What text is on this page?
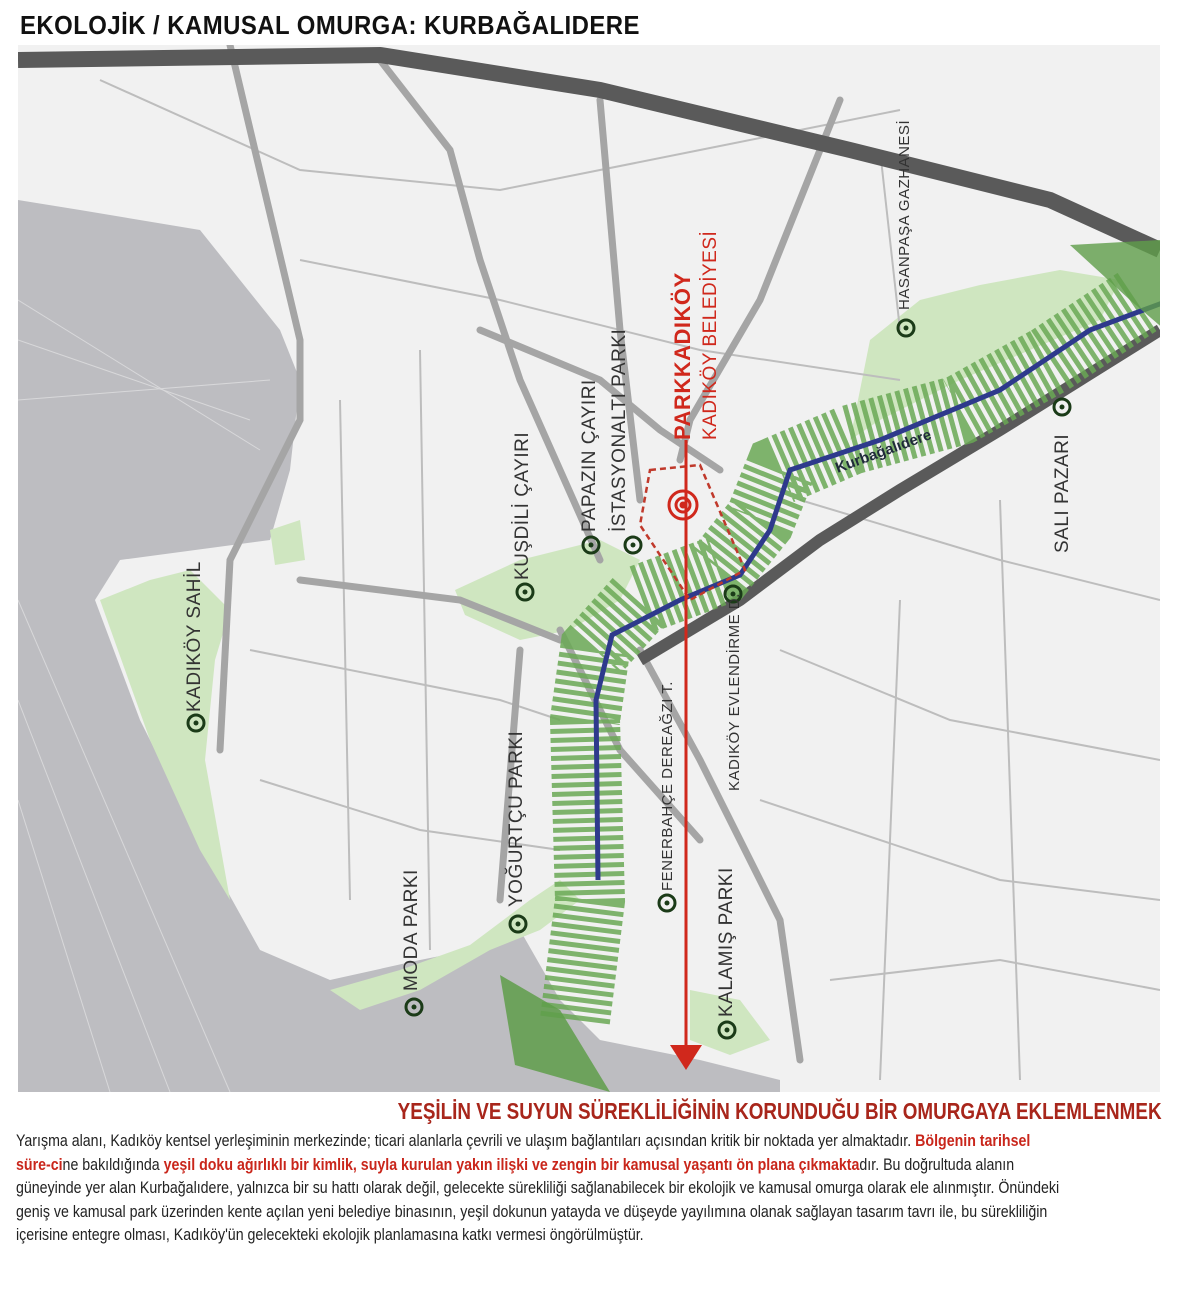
EKOLOJİK / KAMUSAL OMURGA: KURBAĞALIDERE
HASANPAŞA GAZHANESİ
SALI PAZARI
İSTASYONALTI PARKI
PAPAZIN ÇAYIRI
KUŞDİLİ ÇAYIRI
KADIKÖY SAHİL
YOĞURTÇU PARKI
MODA PARKI
FENERBAHÇE DEREAĞZI T.
KALAMIŞ PARKI
KADIKÖY EVLENDİRME D.
PARKKADIKÖY KADIKÖY BELEDİYESİ
Kurbağalıdere
YEŞİLİN VE SUYUN SÜREKLİLİĞİNİN KORUNDUĞU BİR OMURGAYA EKLEMLENMEK
Yarışma alanı, Kadıköy kentsel yerleşiminin merkezinde; ticari alanlarla çevrili ve ulaşım bağlantıları açısından kritik bir noktada yer almaktadır. Bölgenin tarihsel süre-cine bakıldığında yeşil doku ağırlıklı bir kimlik, suyla kurulan yakın ilişki ve zengin bir kamusal yaşantı ön plana çıkmaktadır. Bu doğrultuda alanın güneyinde yer alan Kurbağalıdere, yalnızca bir su hattı olarak değil, gelecekte sürekliliği sağlanabilecek bir ekolojik ve kamusal omurga olarak ele alınmıştır. Önündeki geniş ve kamusal park üzerinden kente açılan yeni belediye binasının, yeşil dokunun yatayda ve düşeyde yayılımına olanak sağlayan tasarım tavrı ile, bu sürekliliğin içerisine entegre olması, Kadıköy'ün gelecekteki ekolojik planlamasına katkı vermesi öngörülmüştür.
